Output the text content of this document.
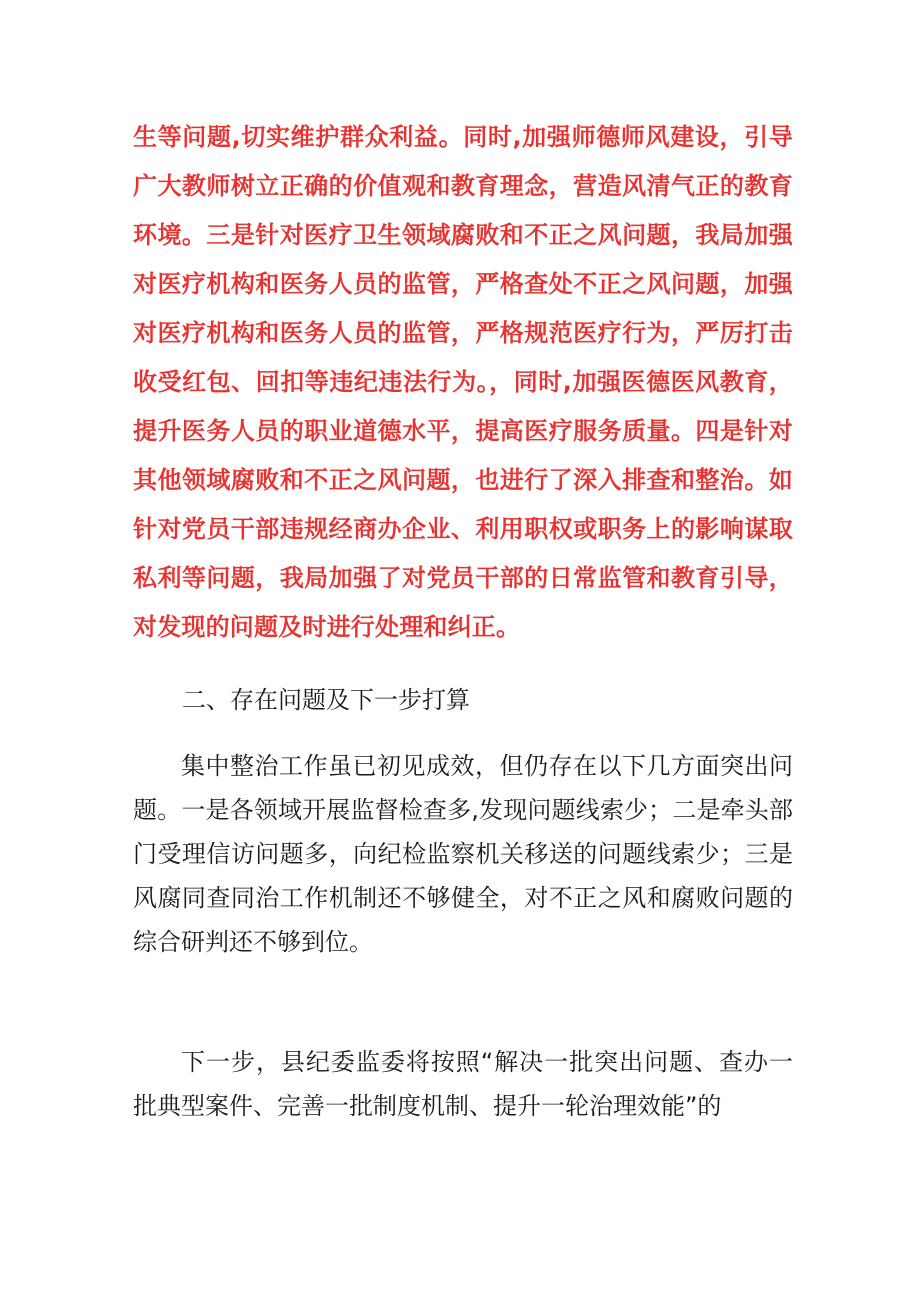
生等问题,切实维护群众利益。同时,加强师德师风建设，引导广大教师树立正确的价值观和教育理念，营造风清气正的教育环境。三是针对医疗卫生领域腐败和不正之风问题，我局加强对医疗机构和医务人员的监管，严格查处不正之风问题，加强对医疗机构和医务人员的监管，严格规范医疗行为，严厉打击收受红包、回扣等违纪违法行为。，同时,加强医德医风教育，提升医务人员的职业道德水平，提高医疗服务质量。四是针对其他领域腐败和不正之风问题，也进行了深入排查和整治。如针对党员干部违规经商办企业、利用职权或职务上的影响谋取私利等问题，我局加强了对党员干部的日常监管和教育引导，对发现的问题及时进行处理和纠正。

二、存在问题及下一步打算

集中整治工作虽已初见成效，但仍存在以下几方面突出问题。一是各领域开展监督检查多,发现问题线索少；二是牵头部门受理信访问题多，向纪检监察机关移送的问题线索少；三是风腐同查同治工作机制还不够健全，对不正之风和腐败问题的综合研判还不够到位。

下一步，县纪委监委将按照“解决一批突出问题、查办一批典型案件、完善一批制度机制、提升一轮治理效能”的
